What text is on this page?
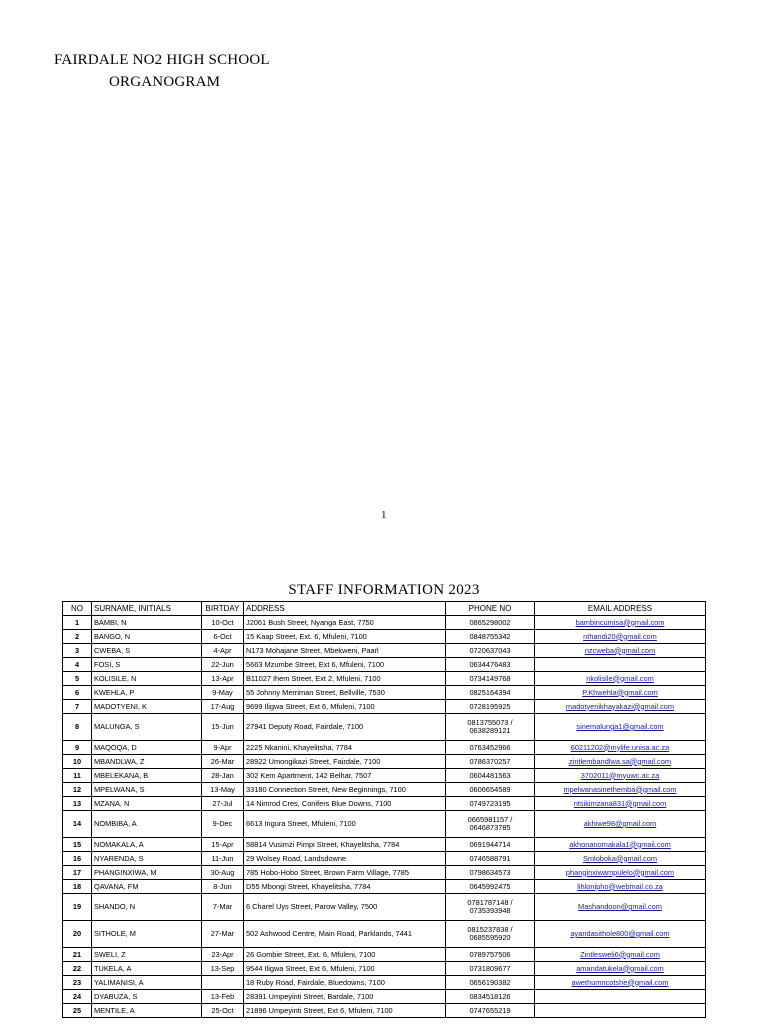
FAIRDALE NO2 HIGH SCHOOL
ORGANOGRAM
1
STAFF INFORMATION 2023
NO	SURNAME, INITIALS	BIRTDAY	ADDRESS	PHONE NO	EMAIL ADDRESS
1	BAMBI, N	10-Oct	J2061 Bush Street, Nyanga East, 7750	0865298002	bambincumisa@gmail.com
2	BANGO, N	6-Oct	15 Kaap Street, Ext. 6, Mfuleni, 7100	0848755342	nthandi20@gmail.com
3	CWEBA, S	4-Apr	N173 Mohajane Street, Mbekweni, Paarl	0720637043	nzcweba@gmail.com
4	FOSI, S	22-Jun	5663 Mzumbe Street, Ext 6, Mfuleni, 7100	0634476483	
5	KOLISILE, N	13-Apr	B11027 Ihem Street, Ext 2, Mfuleni, 7100	0734149768	nkolisile@gmail.com
6	KWEHLA, P	9-May	55 Johnny Merriman Street, Bellville, 7530	0825164394	P.Khwehla@gmail.com
7	MADOTYENI, K	17-Aug	9699 Iligwa Street, Ext 6, Mfuleni, 7100	0728195925	madotyenikhayakazi@gmail.com
8	MALUNGA, S	15-Jun	27941 Deputy Road, Fairdale, 7100	0813755073 / 0638289121	sinemalunga1@gmail.com
9	MAQOQA, D	9-Apr	2225 Nkanini, Khayelitsha, 7784	0763452966	60211202@mylife.unisa.ac.za
10	MBANDLWA, Z	26-Mar	28922 Umongikazi Street, Fairdale, 7100	0786370257	zintlembandlwa.sa@gmail.com
11	MBELEKANA, B	28-Jan	302 Kem Apartment, 142 Belhar, 7507	0604481563	3702011@myuwc.ac.za
12	MPELWANA, S	13-May	33180 Connection Street, New Beginnings, 7100	0606654589	mpelwanasinethemba@gmail.com
13	MZANA, N	27-Jul	14 Nimrod Cres, Conifers Blue Downs, 7100	0749723195	ntsikimzana831@gmail.com
14	NOMBIBA, A	9-Dec	6613 Ingura Street, Mfuleni, 7100	0665981157 / 0646873785	akhiwe98@gmail.com
15	NOMAKALA, A	15-Apr	58814 Vusimzi Pimpi Street, Khayelitsha, 7784	0691944714	akhonanomakala1@gmail.com
16	NYARENDA, S	11-Jun	29 Wolsey Road, Landsdowne	0746588791	Smloboka@gmail.com
17	PHANGINXIWA, M	30-Aug	785 Hobo-Hobo Street, Brown Farm Village, 7785	0798634573	phanginxiwampulelo@gmail.com
18	QAVANA, FM	8-Jun	D55 Mbongi Street, Khayelitsha, 7784	0645992475	lihlonipho@webmail.co.za
19	SHANDO, N	7-Mar	6 Charel Uys Street, Parow Valley, 7500	0781787148 / 0735393948	Mashandoon@gmail.com
20	SITHOLE, M	27-Mar	502 Ashwood Centre, Main Road, Parklands, 7441	0815237838 / 0685595920	ayandasithole800@gmail.com
21	SWELI, Z	23-Apr	26 Gombie Street, Ext. 6, Mfuleni, 7100	0789757506	Zintlesweli6@gmail.com
22	TUKELA, A	13-Sep	9544 Iligwa Street, Ext 6, Mfuleni, 7100	0731809677	amandatukela@gmail.com
23	YALIMANISI, A		18 Ruby Road, Fairdale, Bluedowns, 7100	0656190382	awethumncotshe@gmail.com
24	DYABUZA, S	13-Feb	28391 Umpeyinti Street, Bardale, 7100	0834518126	
25	MENTILE, A	25-Oct	21896 Umpeyinti Street, Ext 6, Mfuleni, 7100	0747655219	
